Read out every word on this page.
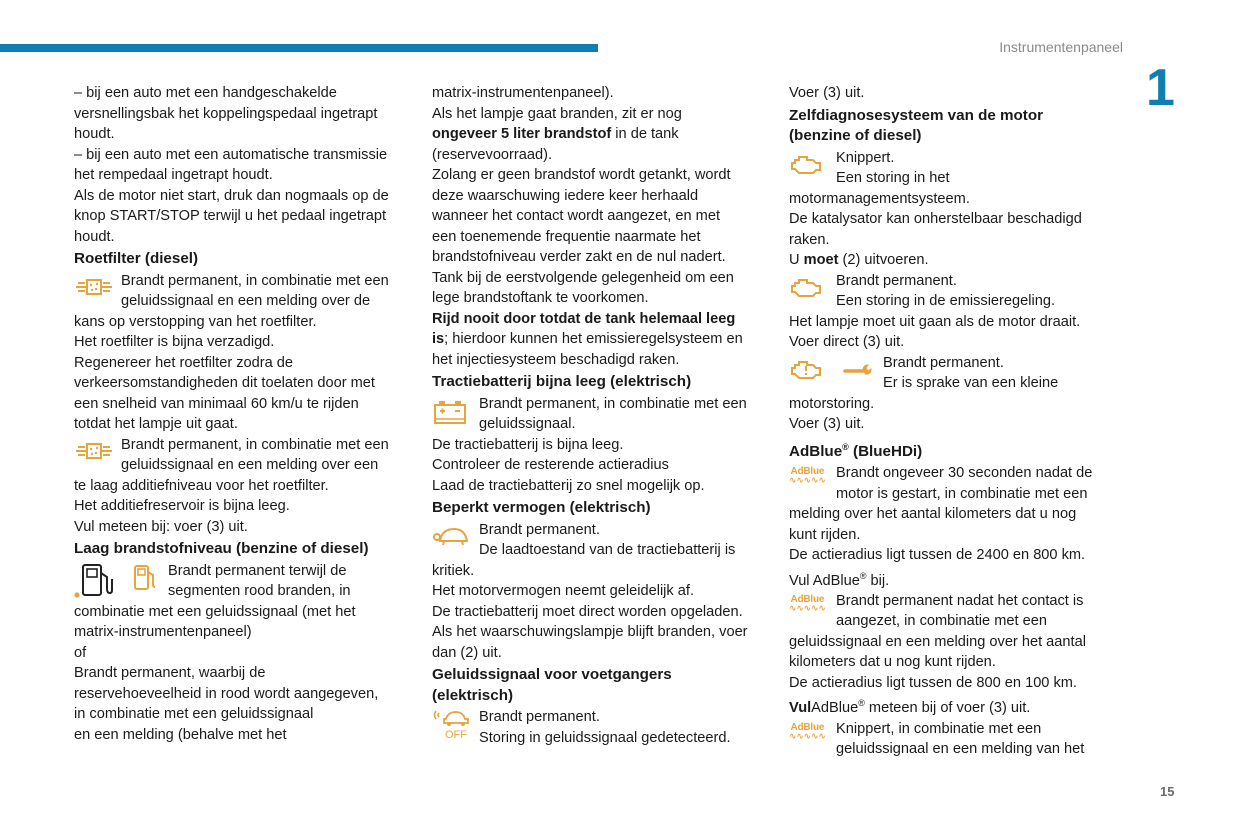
Instrumentenpaneel
1
15
– bij een auto met een handgeschakelde
versnellingsbak het koppelingspedaal ingetrapt
houdt.
– bij een auto met een automatische transmissie
het rempedaal ingetrapt houdt.
Als de motor niet start, druk dan nogmaals op de
knop START/STOP terwijl u het pedaal ingetrapt
houdt.
Roetfilter (diesel)
Brandt permanent, in combinatie met een
geluidssignaal en een melding over de
kans op verstopping van het roetfilter.
Het roetfilter is bijna verzadigd.
Regenereer het roetfilter zodra de
verkeersomstandigheden dit toelaten door met
een snelheid van minimaal 60 km/u te rijden
totdat het lampje uit gaat.
Brandt permanent, in combinatie met een
geluidssignaal en een melding over een
te laag additiefniveau voor het roetfilter.
Het additiefreservoir is bijna leeg.
Vul meteen bij: voer (3) uit.
Laag brandstofniveau (benzine of diesel)
Brandt permanent terwijl de
segmenten rood branden, in
combinatie met een geluidssignaal (met het
matrix-instrumentenpaneel)
of
Brandt permanent, waarbij de
reservehoeveelheid in rood wordt aangegeven,
in combinatie met een geluidssignaal
en een melding (behalve met het
matrix-instrumentenpaneel).
Als het lampje gaat branden, zit er nog
ongeveer 5 liter brandstof in de tank
(reservevoorraad).
Zolang er geen brandstof wordt getankt, wordt
deze waarschuwing iedere keer herhaald
wanneer het contact wordt aangezet, en met
een toenemende frequentie naarmate het
brandstofniveau verder zakt en de nul nadert.
Tank bij de eerstvolgende gelegenheid om een
lege brandstoftank te voorkomen.
Rijd nooit door totdat de tank helemaal leeg
is; hierdoor kunnen het emissieregelsysteem en
het injectiesysteem beschadigd raken.
Tractiebatterij bijna leeg (elektrisch)
Brandt permanent, in combinatie met een
geluidssignaal.
De tractiebatterij is bijna leeg.
Controleer de resterende actieradius
Laad de tractiebatterij zo snel mogelijk op.
Beperkt vermogen (elektrisch)
Brandt permanent.
De laadtoestand van de tractiebatterij is
kritiek.
Het motorvermogen neemt geleidelijk af.
De tractiebatterij moet direct worden opgeladen.
Als het waarschuwingslampje blijft branden, voer
dan (2) uit.
Geluidssignaal voor voetgangers
(elektrisch)
OFF
Brandt permanent.
Storing in geluidssignaal gedetecteerd.
Voer (3) uit.
Zelfdiagnosesysteem van de motor
(benzine of diesel)
Knippert.
Een storing in het
motormanagementsysteem.
De katalysator kan onherstelbaar beschadigd
raken.
U moet (2) uitvoeren.
Brandt permanent.
Een storing in de emissieregeling.
Het lampje moet uit gaan als de motor draait.
Voer direct (3) uit.
Brandt permanent.
Er is sprake van een kleine
motorstoring.
Voer (3) uit.
AdBlue® (BlueHDi)
AdBlue
∿∿∿∿∿ Brandt ongeveer 30 seconden nadat de
motor is gestart, in combinatie met een
melding over het aantal kilometers dat u nog
kunt rijden.
De actieradius ligt tussen de 2400 en 800 km.
Vul AdBlue® bij.
AdBlue
∿∿∿∿∿ Brandt permanent nadat het contact is
aangezet, in combinatie met een
geluidssignaal en een melding over het aantal
kilometers dat u nog kunt rijden.
De actieradius ligt tussen de 800 en 100 km.
VulAdBlue® meteen bij of voer (3) uit.
AdBlue
∿∿∿∿∿ Knippert, in combinatie met een
geluidssignaal en een melding van het
